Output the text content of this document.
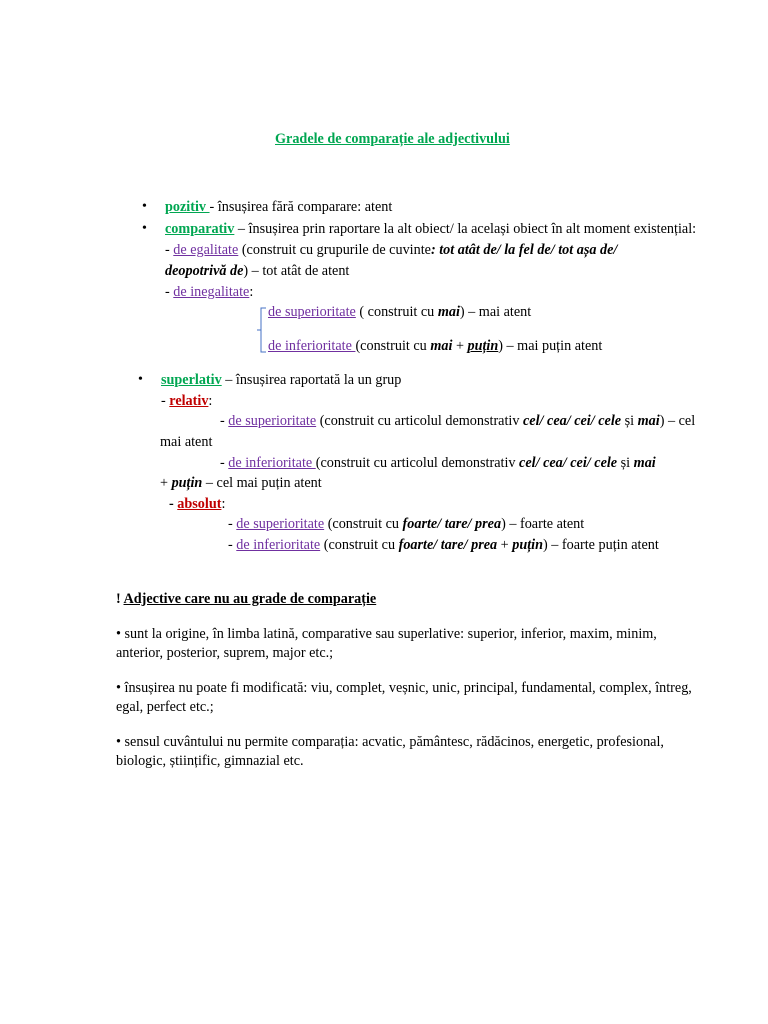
Gradele de comparație ale adjectivului
• pozitiv - însușirea fără comparare: atent
• comparativ – însușirea prin raportare la alt obiect/ la același obiect în alt moment existențial:
- de egalitate (construit cu grupurile de cuvinte: tot atât de/ la fel de/ tot așa de/
deopotrivă de) – tot atât de atent
- de inegalitate:
de superioritate ( construit cu mai) – mai atent
de inferioritate (construit cu mai + puțin) – mai puțin atent
• superlativ – însușirea raportată la un grup
- relativ:
- de superioritate (construit cu articolul demonstrativ cel/ cea/ cei/ cele și mai) – cel
mai atent
- de inferioritate (construit cu articolul demonstrativ cel/ cea/ cei/ cele și mai
+ puțin – cel mai puțin atent
- absolut:
- de superioritate (construit cu foarte/ tare/ prea) – foarte atent
- de inferioritate (construit cu foarte/ tare/ prea + puțin) – foarte puțin atent
! Adjective care nu au grade de comparație
• sunt la origine, în limba latină, comparative sau superlative: superior, inferior, maxim, minim,
anterior, posterior, suprem, major etc.;
• însușirea nu poate fi modificată: viu, complet, veșnic, unic, principal, fundamental, complex, întreg,
egal, perfect etc.;
• sensul cuvântului nu permite comparația: acvatic, pământesc, rădăcinos, energetic, profesional,
biologic, științific, gimnazial etc.
